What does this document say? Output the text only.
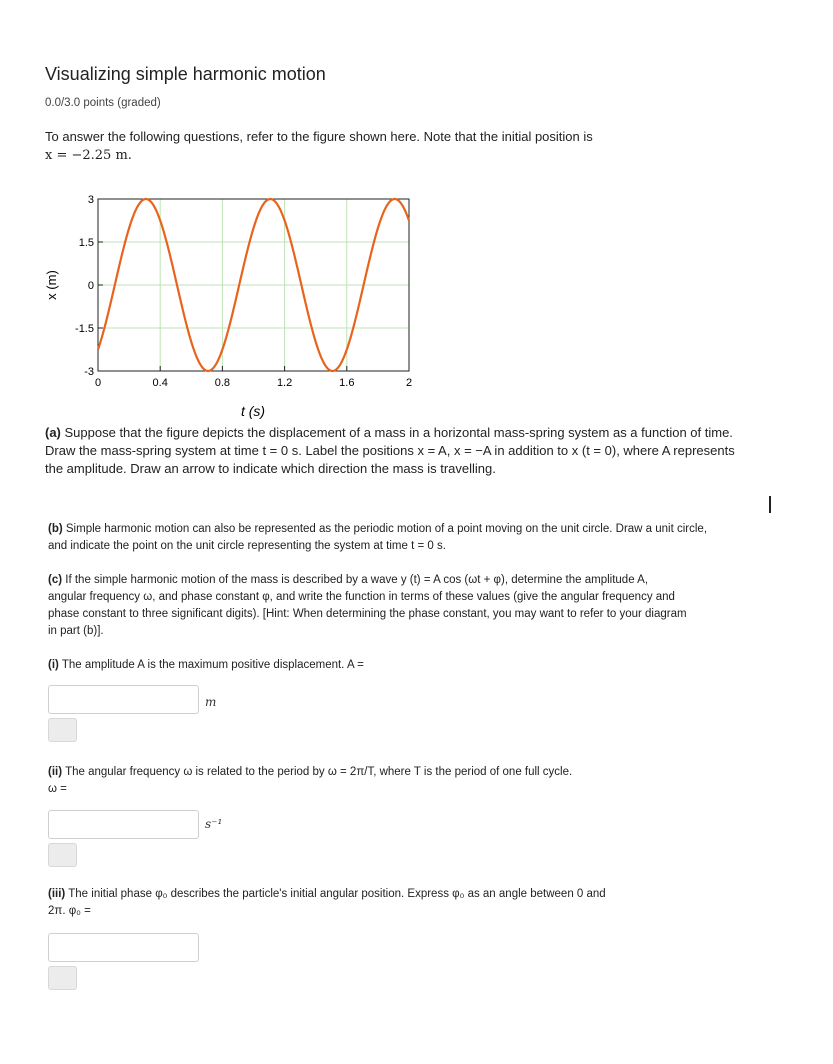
Visualizing simple harmonic motion
0.0/3.0 points (graded)
To answer the following questions, refer to the figure shown here. Note that the initial position is
x = −2.25 m.
0	0.4	0.8	1.2	1.6	2
3
1.5
0
-1.5
-3
x (m)
t (s)
(a) Suppose that the figure depicts the displacement of a mass in a horizontal mass-spring system as a function of time. Draw the mass-spring system at time t = 0 s. Label the positions x = A, x = −A in addition to x (t = 0), where A represents the amplitude. Draw an arrow to indicate which direction the mass is travelling.
(b) Simple harmonic motion can also be represented as the periodic motion of a point moving on the unit circle. Draw a unit circle, and indicate the point on the unit circle representing the system at time t = 0 s.
(c) If the simple harmonic motion of the mass is described by a wave y (t) = A cos (ωt + φ), determine the amplitude A, angular frequency ω, and phase constant φ, and write the function in terms of these values (give the angular frequency and phase constant to three significant digits). [Hint: When determining the phase constant, you may want to refer to your diagram in part (b)].
(i) The amplitude A is the maximum positive displacement. A =
m
(ii) The angular frequency ω is related to the period by ω = 2π/T, where T is the period of one full cycle.
ω =
s⁻¹
(iii) The initial phase φ₀ describes the particle's initial angular position. Express φ₀ as an angle between 0 and
2π. φ₀ =
